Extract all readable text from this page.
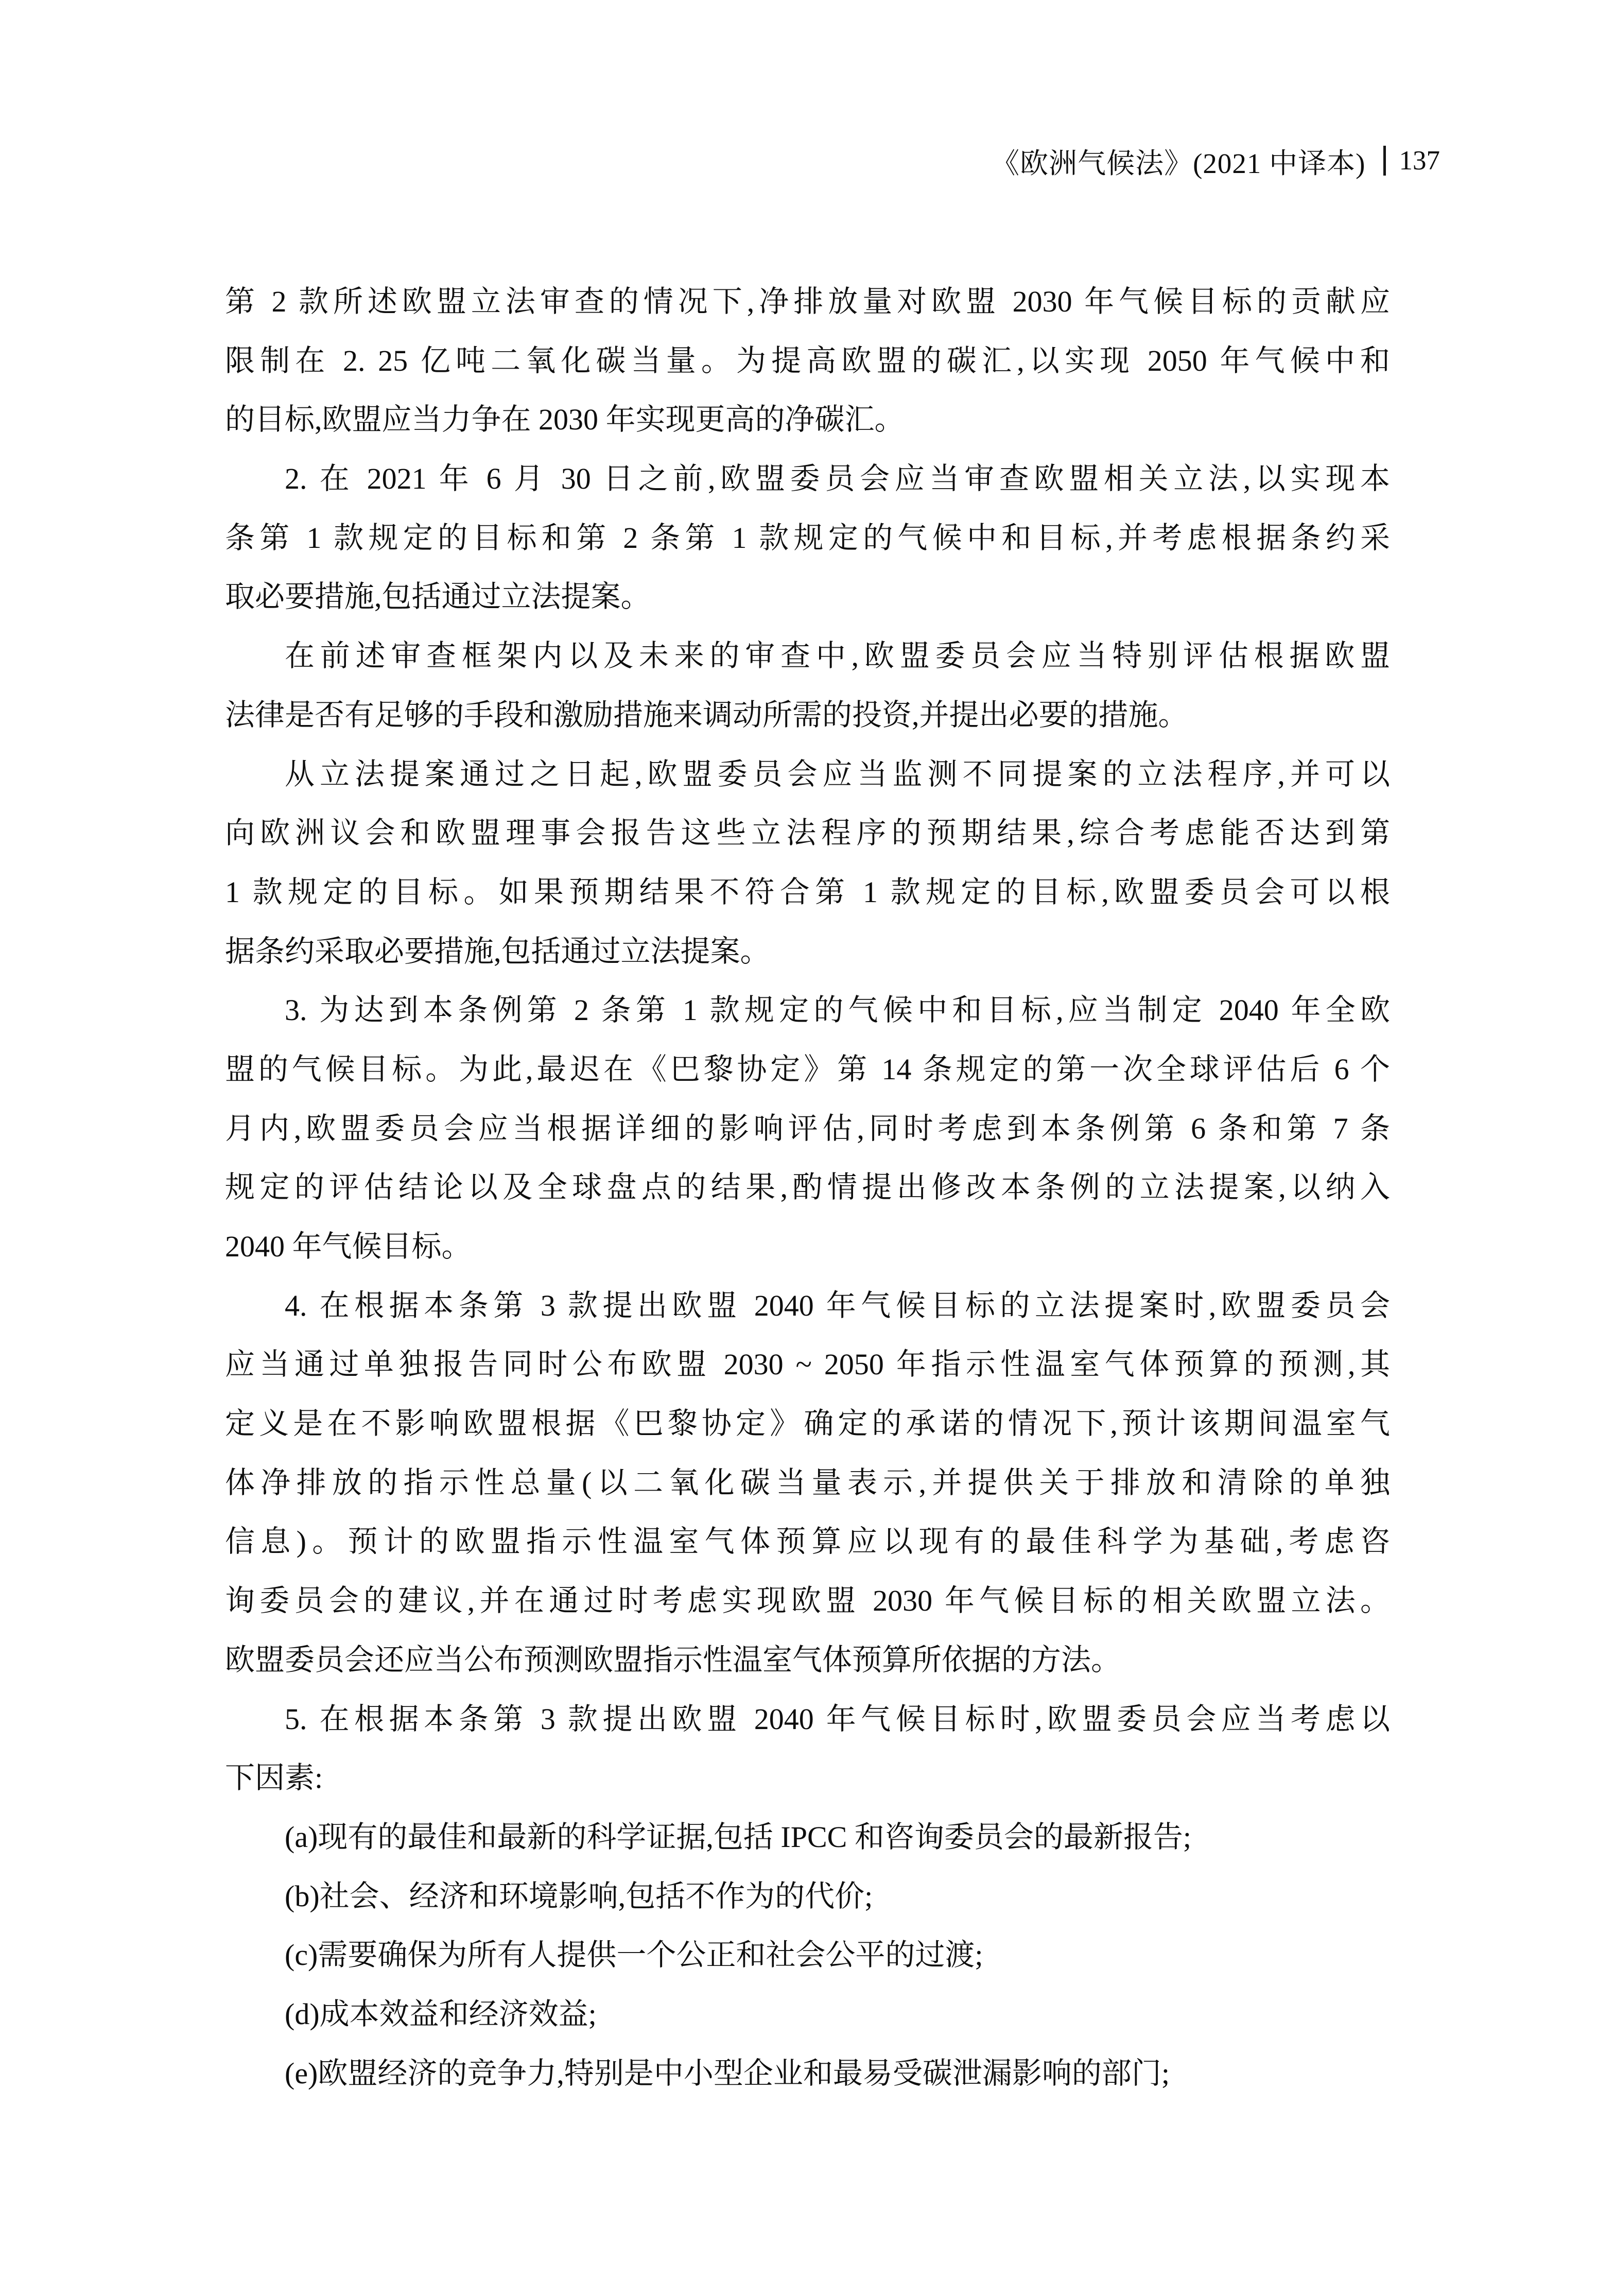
《欧洲气候法》(2021 中译本) 137
第 2 款所述欧盟立法审查的情况下,净排放量对欧盟 2030 年气候目标的贡献应
限制在 2. 25 亿吨二氧化碳当量。为提高欧盟的碳汇,以实现 2050 年气候中和
的目标,欧盟应当力争在 2030 年实现更高的净碳汇。
2. 在 2021 年 6 月 30 日之前,欧盟委员会应当审查欧盟相关立法,以实现本
条第 1 款规定的目标和第 2 条第 1 款规定的气候中和目标,并考虑根据条约采
取必要措施,包括通过立法提案。
在前述审查框架内以及未来的审查中,欧盟委员会应当特别评估根据欧盟
法律是否有足够的手段和激励措施来调动所需的投资,并提出必要的措施。
从立法提案通过之日起,欧盟委员会应当监测不同提案的立法程序,并可以
向欧洲议会和欧盟理事会报告这些立法程序的预期结果,综合考虑能否达到第
1 款规定的目标。如果预期结果不符合第 1 款规定的目标,欧盟委员会可以根
据条约采取必要措施,包括通过立法提案。
3. 为达到本条例第 2 条第 1 款规定的气候中和目标,应当制定 2040 年全欧
盟的气候目标。为此,最迟在《巴黎协定》第 14 条规定的第一次全球评估后 6 个
月内,欧盟委员会应当根据详细的影响评估,同时考虑到本条例第 6 条和第 7 条
规定的评估结论以及全球盘点的结果,酌情提出修改本条例的立法提案,以纳入
2040 年气候目标。
4. 在根据本条第 3 款提出欧盟 2040 年气候目标的立法提案时,欧盟委员会
应当通过单独报告同时公布欧盟 2030 ~ 2050 年指示性温室气体预算的预测,其
定义是在不影响欧盟根据《巴黎协定》确定的承诺的情况下,预计该期间温室气
体净排放的指示性总量(以二氧化碳当量表示,并提供关于排放和清除的单独
信息)。预计的欧盟指示性温室气体预算应以现有的最佳科学为基础,考虑咨
询委员会的建议,并在通过时考虑实现欧盟 2030 年气候目标的相关欧盟立法。
欧盟委员会还应当公布预测欧盟指示性温室气体预算所依据的方法。
5. 在根据本条第 3 款提出欧盟 2040 年气候目标时,欧盟委员会应当考虑以
下因素:
(a)现有的最佳和最新的科学证据,包括 IPCC 和咨询委员会的最新报告;
(b)社会、经济和环境影响,包括不作为的代价;
(c)需要确保为所有人提供一个公正和社会公平的过渡;
(d)成本效益和经济效益;
(e)欧盟经济的竞争力,特别是中小型企业和最易受碳泄漏影响的部门;
